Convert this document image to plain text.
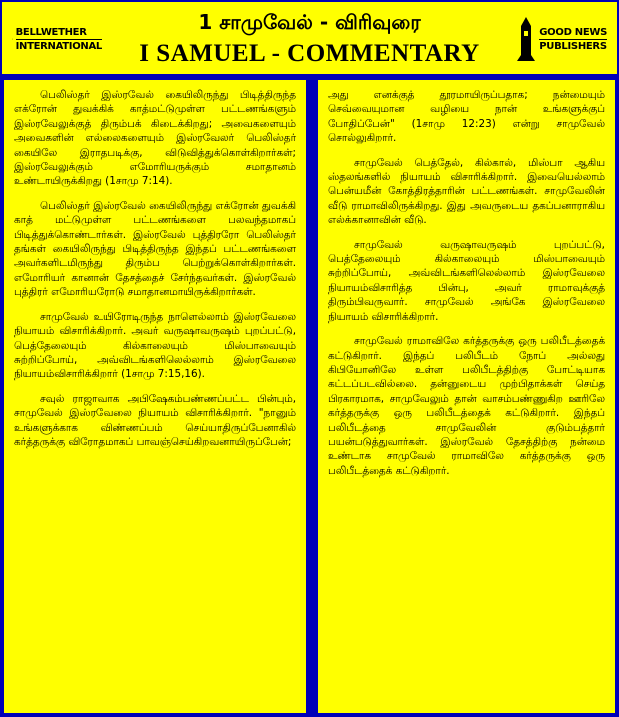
BELLWETHER
INTERNATIONAL
1 சாமுவேல் - விரிவுரை
I SAMUEL - COMMENTARY
GOOD NEWS
PUBLISHERS

பெலிஸ்தர் இஸ்ரவேல் கையிலிருந்து பிடித்திருந்த எக்ரோன் துவக்கிக் காத்மட்டுமுள்ள பட்டணங்களும் இஸ்ரவேலுக்குத் திரும்பக் கிடைக்கிறது; அவைகளையும் அவைகளின் எல்லைகளையும் இஸ்ரவேலர் பெலிஸ்தர் கையிலே இராதபடிக்கு, விடுவித்துக்கொள்கிறார்கள்; இஸ்ரவேலுக்கும் எமோரியருக்கும் சமாதானம் உண்டாயிருக்கிறது (1சாமு 7:14).

பெலிஸ்தர் இஸ்ரவேல் கையிலிருந்து எக்ரோன் துவக்கி காத் மட்டுமுள்ள பட்டணங்களை பலவந்தமாகப் பிடித்துக்கொண்டார்கள். இஸ்ரவேல் புத்திரரோ பெலிஸ்தர் தங்கள் கையிலிருந்து பிடித்திருந்த இந்தப் பட்டணங்களை அவர்களிடமிருந்து திரும்ப பெற்றுக்கொள்கிறார்கள். எமோரியர் கானான் தேசத்தைச் சேர்ந்தவர்கள். இஸ்ரவேல் புத்திரர் எமோரியரோடு சமாதானமாயிருக்கிறார்கள்.

சாமுவேல் உயிரோடிருந்த நாளெல்லாம் இஸ்ரவேலை நியாயம் விசாரிக்கிறார். அவர் வருஷாவருஷம் புறப்பட்டு, பெத்தேலையும் கில்காலையும் மிஸ்பாவையும் சுற்றிப்போய், அவ்விடங்களிலெல்லாம் இஸ்ரவேலை நியாயம்விசாரிக்கிறார் (1சாமு 7:15,16).

சவுல் ராஜாவாக அபிஷேகம்பண்ணப்பட்ட பின்பும், சாமுவேல் இஸ்ரவேலை நியாயம் விசாரிக்கிறார். "நானும் உங்களுக்காக விண்ணப்பம் செய்யாதிருப்பேனாகில் கர்த்தருக்கு விரோதமாகப் பாவஞ்செய்கிறவனாயிருப்பேன்;

அது எனக்குத் தூரமாயிருப்பதாக; நன்மையும் செவ்வையுமான வழியை நான் உங்களுக்குப் போதிப்பேன்" (1சாமு 12:23) என்று சாமுவேல் சொல்லுகிறார்.

சாமுவேல் பெத்தேல், கில்கால், மிஸ்பா ஆகிய ஸ்தலங்களில் நியாயம் விசாரிக்கிறார். இவையெல்லாம் பென்யமீன் கோத்திரத்தாரின் பட்டணங்கள். சாமுவேலின் வீடு ராமாவிலிருக்கிறது. இது அவருடைய தகப்பனாராகிய எல்க்கானாவின் வீடு.

சாமுவேல் வருஷாவருஷம் புறப்பட்டு, பெத்தேலையும் கில்காலையும் மிஸ்பாவையும் சுற்றிப்போய், அவ்விடங்களிலெல்லாம் இஸ்ரவேலை நியாயம்விசாரித்த பின்பு, அவர் ராமாவுக்குத் திரும்பிவருவார். சாமுவேல் அங்கே இஸ்ரவேலை நியாயம் விசாரிக்கிறார்.

சாமுவேல் ராமாவிலே கர்த்தருக்கு ஒரு பலிபீடத்தைக் கட்டுகிறார். இந்தப் பலிபீடம் நோப் அல்லது கிபியோனிலே உள்ள பலிபீடத்திற்கு போட்டியாக கட்டப்படவில்லை. தன்னுடைய முற்பிதாக்கள் செய்த பிரகாரமாக, சாமுவேலும் தான் வாசம்பண்ணுகிற ஊரிலே கர்த்தருக்கு ஒரு பலிபீடத்தைக் கட்டுகிறார். இந்தப் பலிபீடத்தை சாமுவேலின் குடும்பத்தார் பயன்படுத்துவார்கள். இஸ்ரவேல் தேசத்திற்கு நன்மை உண்டாக சாமுவேல் ராமாவிலே கர்த்தருக்கு ஒரு பலிபீடத்தைக் கட்டுகிறார்.
